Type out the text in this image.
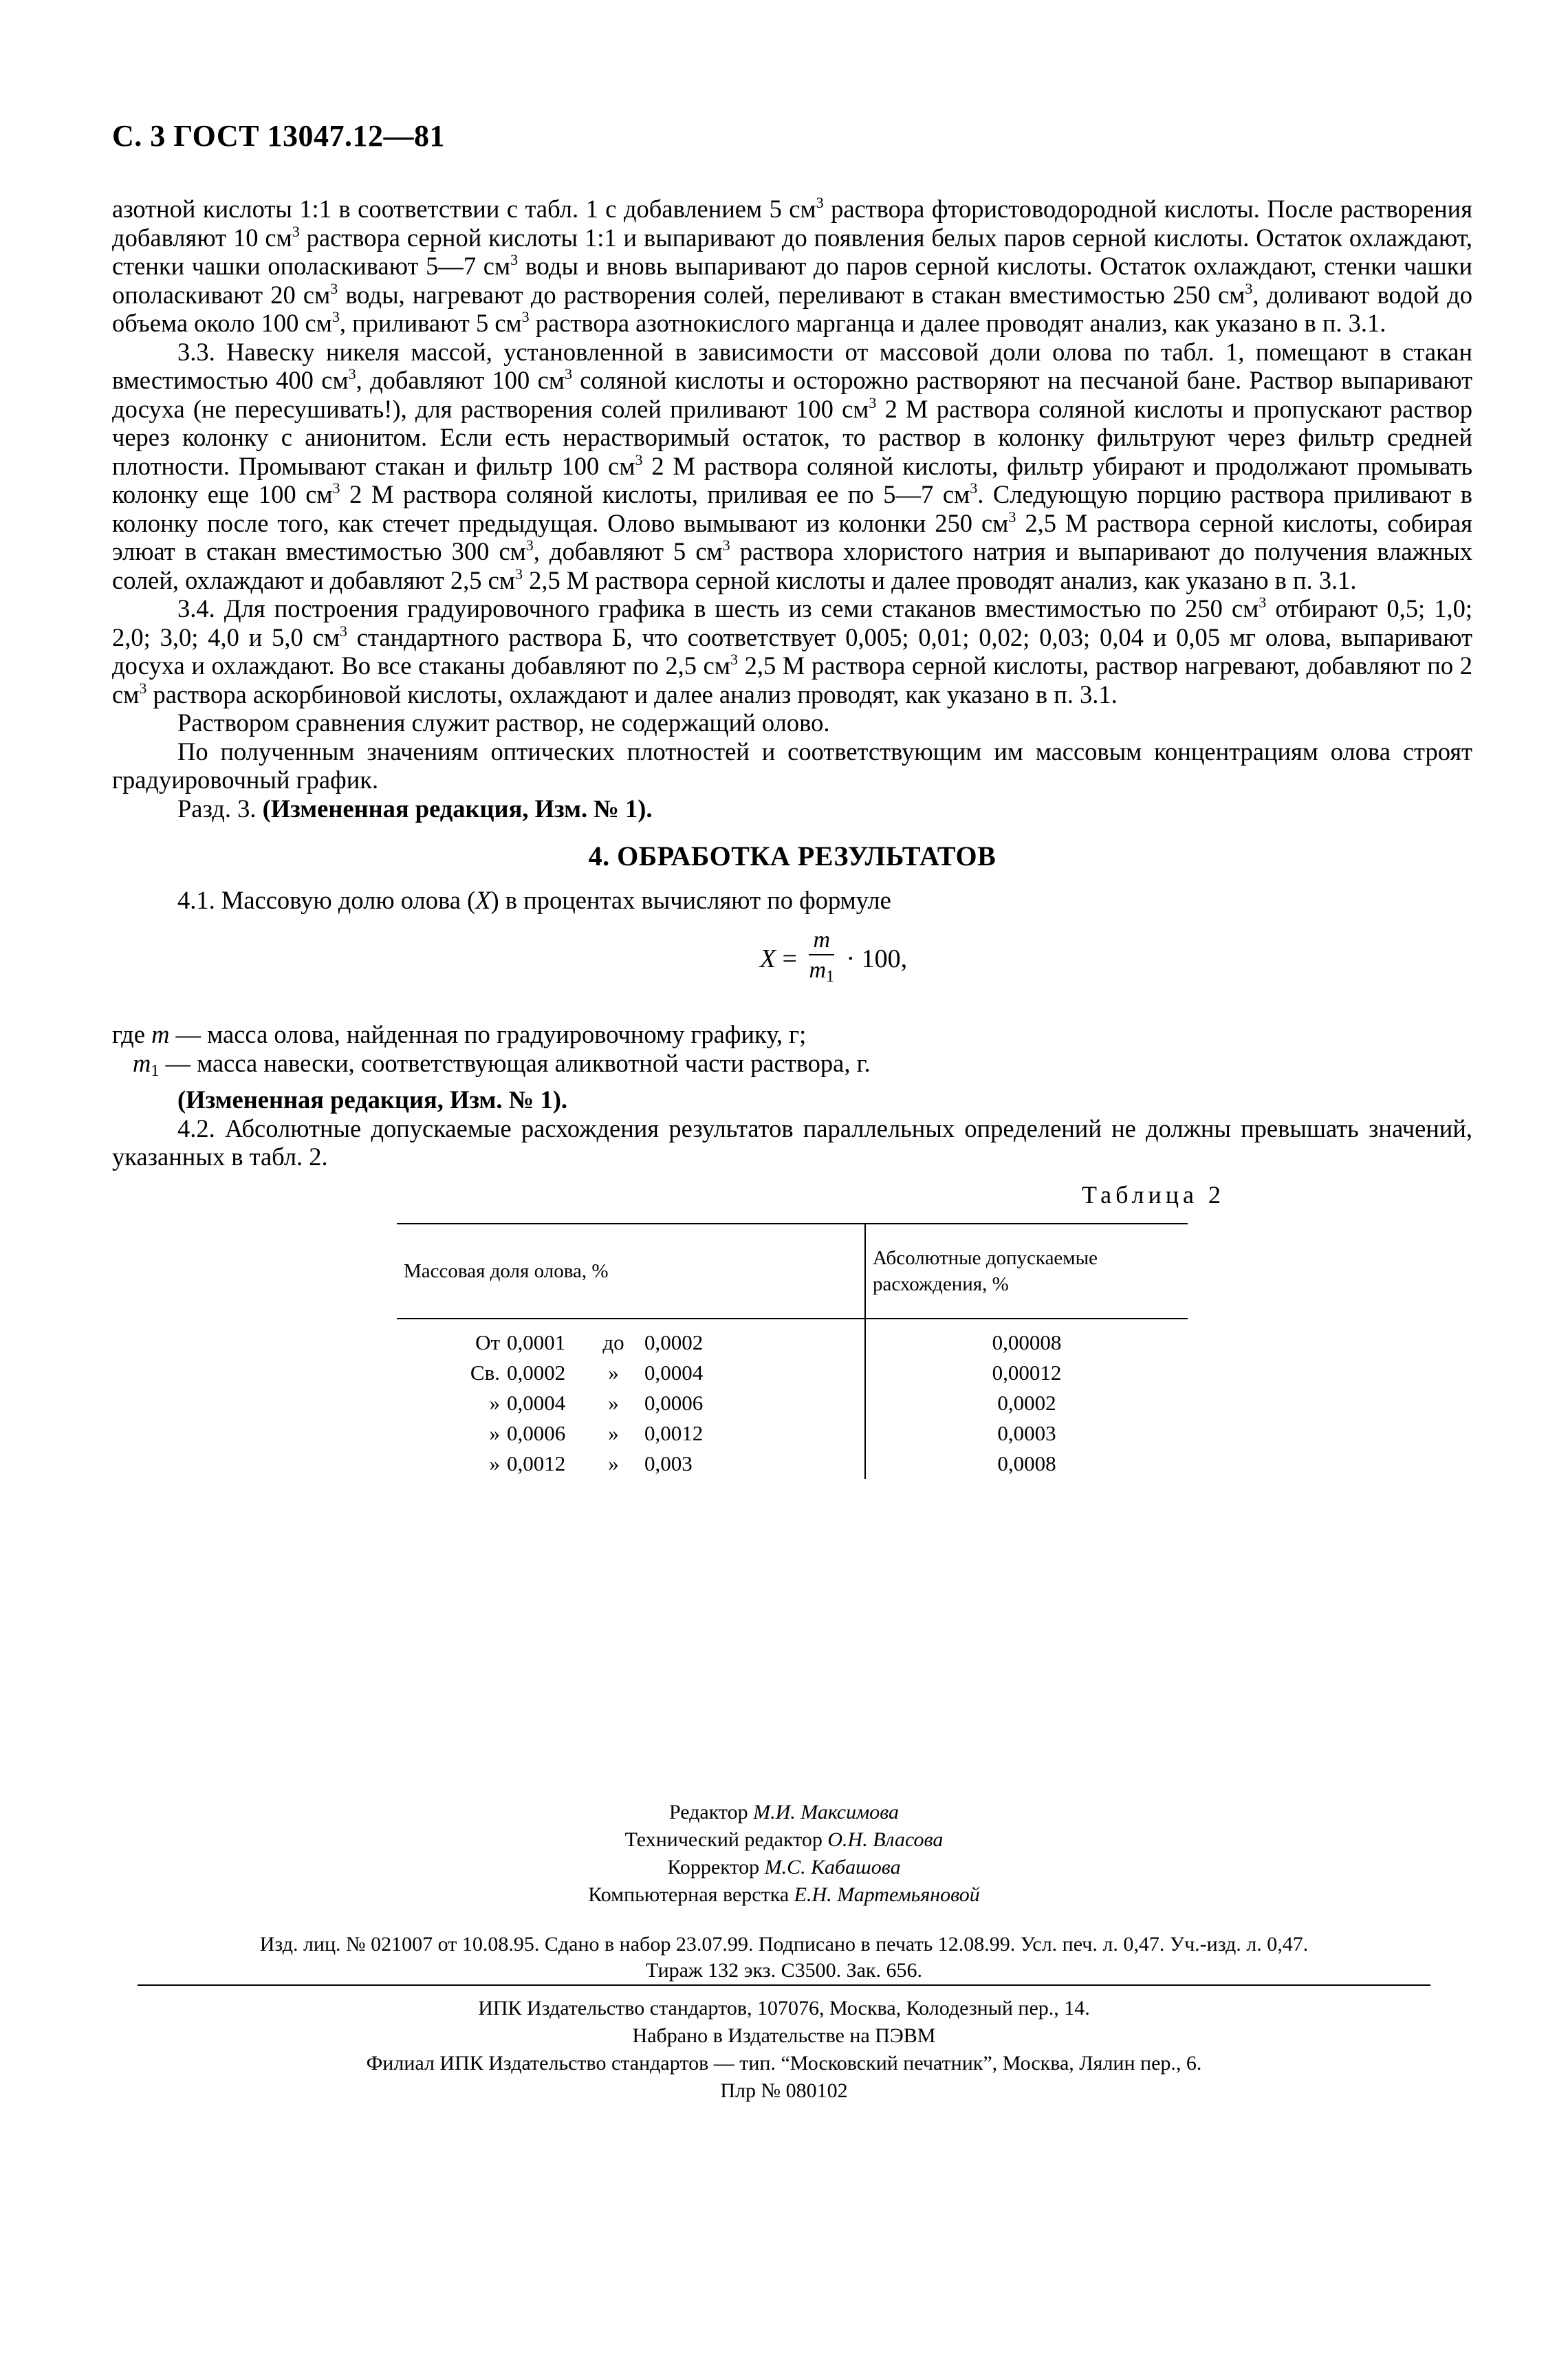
С. 3 ГОСТ 13047.12—81

азотной кислоты 1:1 в соответствии с табл. 1 с добавлением 5 $см^3$ раствора фтористоводородной кислоты. После растворения добавляют 10 $см^3$ раствора серной кислоты 1:1 и выпаривают до появления белых паров серной кислоты. Остаток охлаждают, стенки чашки ополаскивают 5—7 $см^3$ воды и вновь выпаривают до паров серной кислоты. Остаток охлаждают, стенки чашки ополаскивают 20 $см^3$ воды, нагревают до растворения солей, переливают в стакан вместимостью 250 $см^3$, доливают водой до объема около 100 $см^3$, приливают 5 $см^3$ раствора азотнокислого марганца и далее проводят анализ, как указано в п. 3.1.

3.3. Навеску никеля массой, установленной в зависимости от массовой доли олова по табл. 1, помещают в стакан вместимостью 400 $см^3$, добавляют 100 $см^3$ соляной кислоты и осторожно растворяют на песчаной бане. Раствор выпаривают досуха (не пересушивать!), для растворения солей приливают 100 $см^3$ 2 М раствора соляной кислоты и пропускают раствор через колонку с анионитом. Если есть нерастворимый остаток, то раствор в колонку фильтруют через фильтр средней плотности. Промывают стакан и фильтр 100 $см^3$ 2 М раствора соляной кислоты, фильтр убирают и продолжают промывать колонку еще 100 $см^3$ 2 М раствора соляной кислоты, приливая ее по 5—7 $см^3$. Следующую порцию раствора приливают в колонку после того, как стечет предыдущая. Олово вымывают из колонки 250 $см^3$ 2,5 М раствора серной кислоты, собирая элюат в стакан вместимостью 300 $см^3$, добавляют 5 $см^3$ раствора хлористого натрия и выпаривают до получения влажных солей, охлаждают и добавляют 2,5 $см^3$ 2,5 М раствора серной кислоты и далее проводят анализ, как указано в п. 3.1.

3.4. Для построения градуировочного графика в шесть из семи стаканов вместимостью по 250 $см^3$ отбирают 0,5; 1,0; 2,0; 3,0; 4,0 и 5,0 $см^3$ стандартного раствора Б, что соответствует 0,005; 0,01; 0,02; 0,03; 0,04 и 0,05 мг олова, выпаривают досуха и охлаждают. Во все стаканы добавляют по 2,5 $см^3$ 2,5 М раствора серной кислоты, раствор нагревают, добавляют по 2 $см^3$ раствора аскорбиновой кислоты, охлаждают и далее анализ проводят, как указано в п. 3.1.

Раствором сравнения служит раствор, не содержащий олово.

По полученным значениям оптических плотностей и соответствующим им массовым концентрациям олова строят градуировочный график.

Разд. 3. (Измененная редакция, Изм. № 1).

4. ОБРАБОТКА РЕЗУЛЬТАТОВ

4.1. Массовую долю олова (X) в процентах вычисляют по формуле

$X = \frac{m}{m_1} \cdot 100$,

где m — масса олова, найденная по градуировочному графику, г;

$m_1$ — масса навески, соответствующая аликвотной части раствора, г.

(Измененная редакция, Изм. № 1).

4.2. Абсолютные допускаемые расхождения результатов параллельных определений не должны превышать значений, указанных в табл. 2.

Таблица 2
Массовая доля олова, %	Абсолютные допускаемые
расхождения, %

От 0,0001 до 0,0002	0,00008

Св. 0,0002 » 0,0004	0,00012

» 0,0004 » 0,0006	0,0002

» 0,0006 » 0,0012	0,0003

» 0,0012 » 0,003	0,0008
Редактор М.И. Максимова
Технический редактор О.Н. Власова
Корректор М.С. Кабашова
Компьютерная верстка Е.Н. Мартемьяновой
Изд. лиц. № 021007 от 10.08.95. Сдано в набор 23.07.99. Подписано в печать 12.08.99. Усл. печ. л. 0,47. Уч.-изд. л. 0,47.
Тираж 132 экз. С3500. Зак. 656.
ИПК Издательство стандартов, 107076, Москва, Колодезный пер., 14.
Набрано в Издательстве на ПЭВМ
Филиал ИПК Издательство стандартов — тип. “Московский печатник”, Москва, Лялин пер., 6.
Плр № 080102
